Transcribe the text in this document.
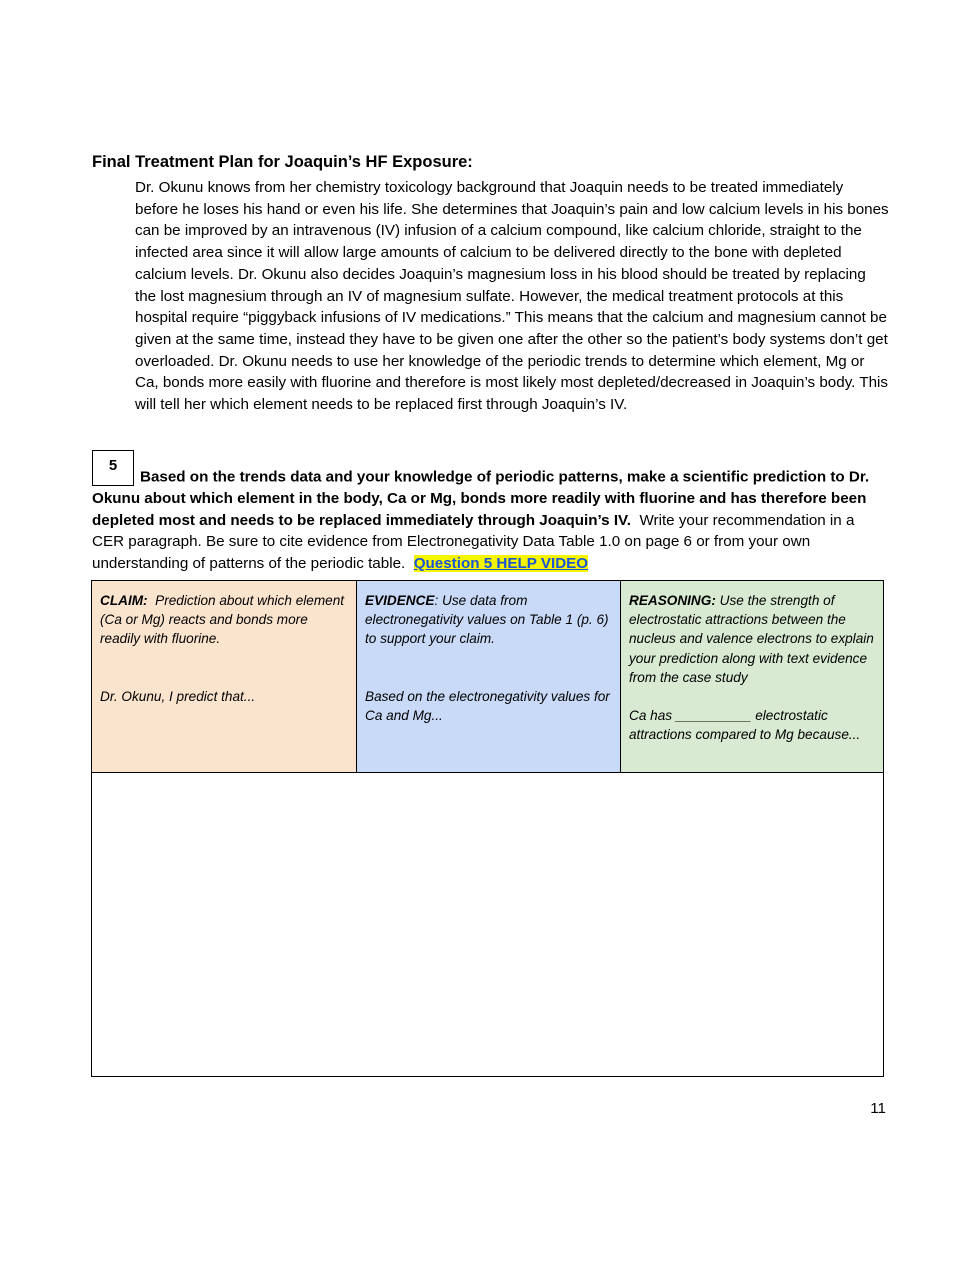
Final Treatment Plan for Joaquin’s HF Exposure:

Dr. Okunu knows from her chemistry toxicology background that Joaquin needs to be treated immediately before he loses his hand or even his life. She determines that Joaquin’s pain and low calcium levels in his bones can be improved by an intravenous (IV) infusion of a calcium compound, like calcium chloride, straight to the infected area since it will allow large amounts of calcium to be delivered directly to the bone with depleted calcium levels. Dr. Okunu also decides Joaquin’s magnesium loss in his blood should be treated by replacing the lost magnesium through an IV of magnesium sulfate. However, the medical treatment protocols at this hospital require “piggyback infusions of IV medications.” This means that the calcium and magnesium cannot be given at the same time, instead they have to be given one after the other so the patient’s body systems don’t get overloaded. Dr. Okunu needs to use her knowledge of the periodic trends to determine which element, Mg or Ca, bonds more easily with fluorine and therefore is most likely most depleted/decreased in Joaquin’s body. This will tell her which element needs to be replaced first through Joaquin’s IV.

5Based on the trends data and your knowledge of periodic patterns, make a scientific prediction to Dr. Okunu about which element in the body, Ca or Mg, bonds more readily with fluorine and has therefore been depleted most and needs to be replaced immediately through Joaquin’s IV. Write your recommendation in a CER paragraph. Be sure to cite evidence from Electronegativity Data Table 1.0 on page 6 or from your own understanding of patterns of the periodic table. Question 5 HELP VIDEO
CLAIM: Prediction about which element (Ca or Mg) reacts and bonds more readily with fluorine.
Dr. Okunu, I predict that...
EVIDENCE: Use data from electronegativity values on Table 1 (p. 6) to support your claim.
Based on the electronegativity values for Ca and Mg...
REASONING: Use the strength of electrostatic attractions between the nucleus and valence electrons to explain your prediction along with text evidence from the case study
Ca has __________ electrostatic attractions compared to Mg because...
11
